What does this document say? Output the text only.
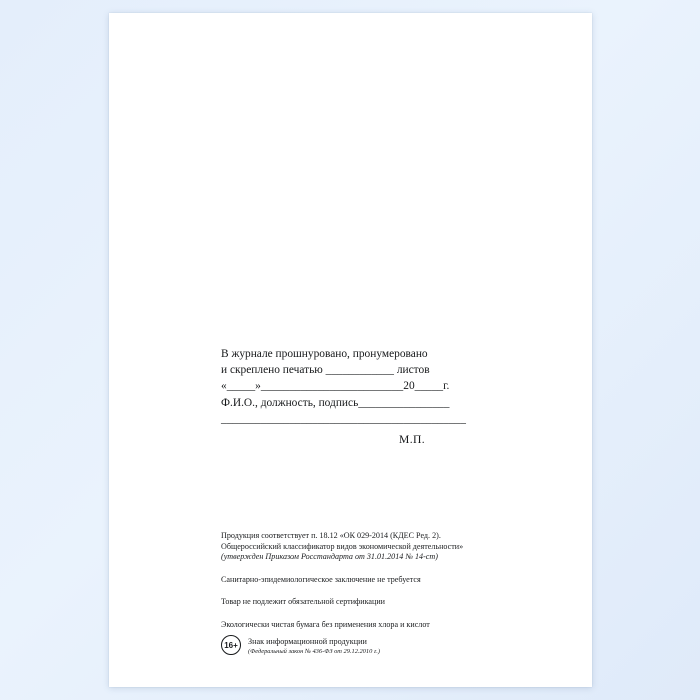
В журнале прошнуровано, пронумеровано
и скреплено печатью ____________ листов
«_____»_________________________20_____г.
Ф.И.О., должность, подпись________________
___________________________________________
М.П.
Продукция соответствует п. 18.12 «ОК 029-2014 (КДЕС Ред. 2).
Общероссийский классификатор видов экономической деятельности»
(утвержден Приказом Росстандарта от 31.01.2014 № 14-ст)
Санитарно-эпидемиологическое заключение не требуется
Товар не подлежит обязательной сертификации
Экологически чистая бумага без применения хлора и кислот
16+	Знак информационной продукции
(Федеральный закон № 436-ФЗ от 29.12.2010 г.)
